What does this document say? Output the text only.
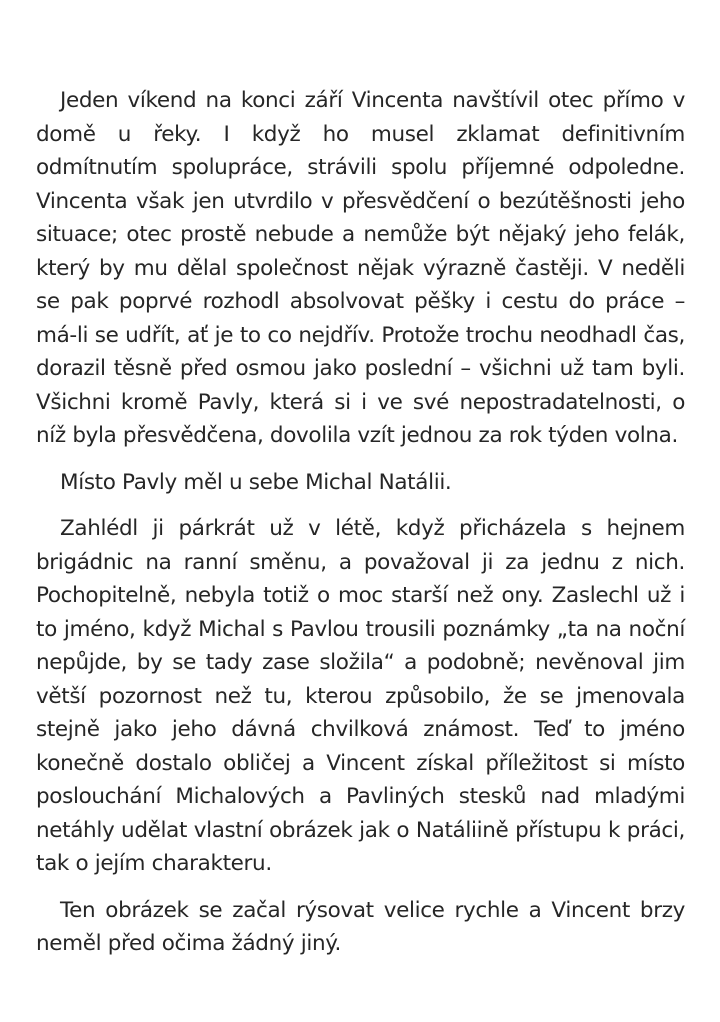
Jeden víkend na konci září Vincenta navštívil otec přímo v domě u řeky. I když ho musel zklamat definitivním odmítnutím spolupráce, strávili spolu příjemné odpoledne. Vincenta však jen utvrdilo v přesvědčení o bezútěšnosti jeho situace; otec prostě nebude a nemůže být nějaký jeho felák, který by mu dělal společnost nějak výrazně častěji. V neděli se pak poprvé rozhodl absolvovat pěšky i cestu do práce – má-li se udřít, ať je to co nejdřív. Protože trochu neodhadl čas, dorazil těsně před osmou jako poslední – všichni už tam byli. Všichni kromě Pavly, která si i ve své nepostradatelnosti, o níž byla přesvědčena, dovolila vzít jednou za rok týden volna.

Místo Pavly měl u sebe Michal Natálii.

Zahlédl ji párkrát už v létě, když přicházela s hejnem brigádnic na ranní směnu, a považoval ji za jednu z nich. Pochopitelně, nebyla totiž o moc starší než ony. Zaslechl už i to jméno, když Michal s Pavlou trousili poznámky „ta na noční nepůjde, by se tady zase složila“ a podobně; nevěnoval jim větší pozornost než tu, kterou způsobilo, že se jmenovala stejně jako jeho dávná chvilková známost. Teď to jméno konečně dostalo obličej a Vincent získal příležitost si místo poslouchání Michalových a Pavliných stesků nad mladými netáhly udělat vlastní obrázek jak o Natáliině přístupu k práci, tak o jejím charakteru.

Ten obrázek se začal rýsovat velice rychle a Vincent brzy neměl před očima žádný jiný.
